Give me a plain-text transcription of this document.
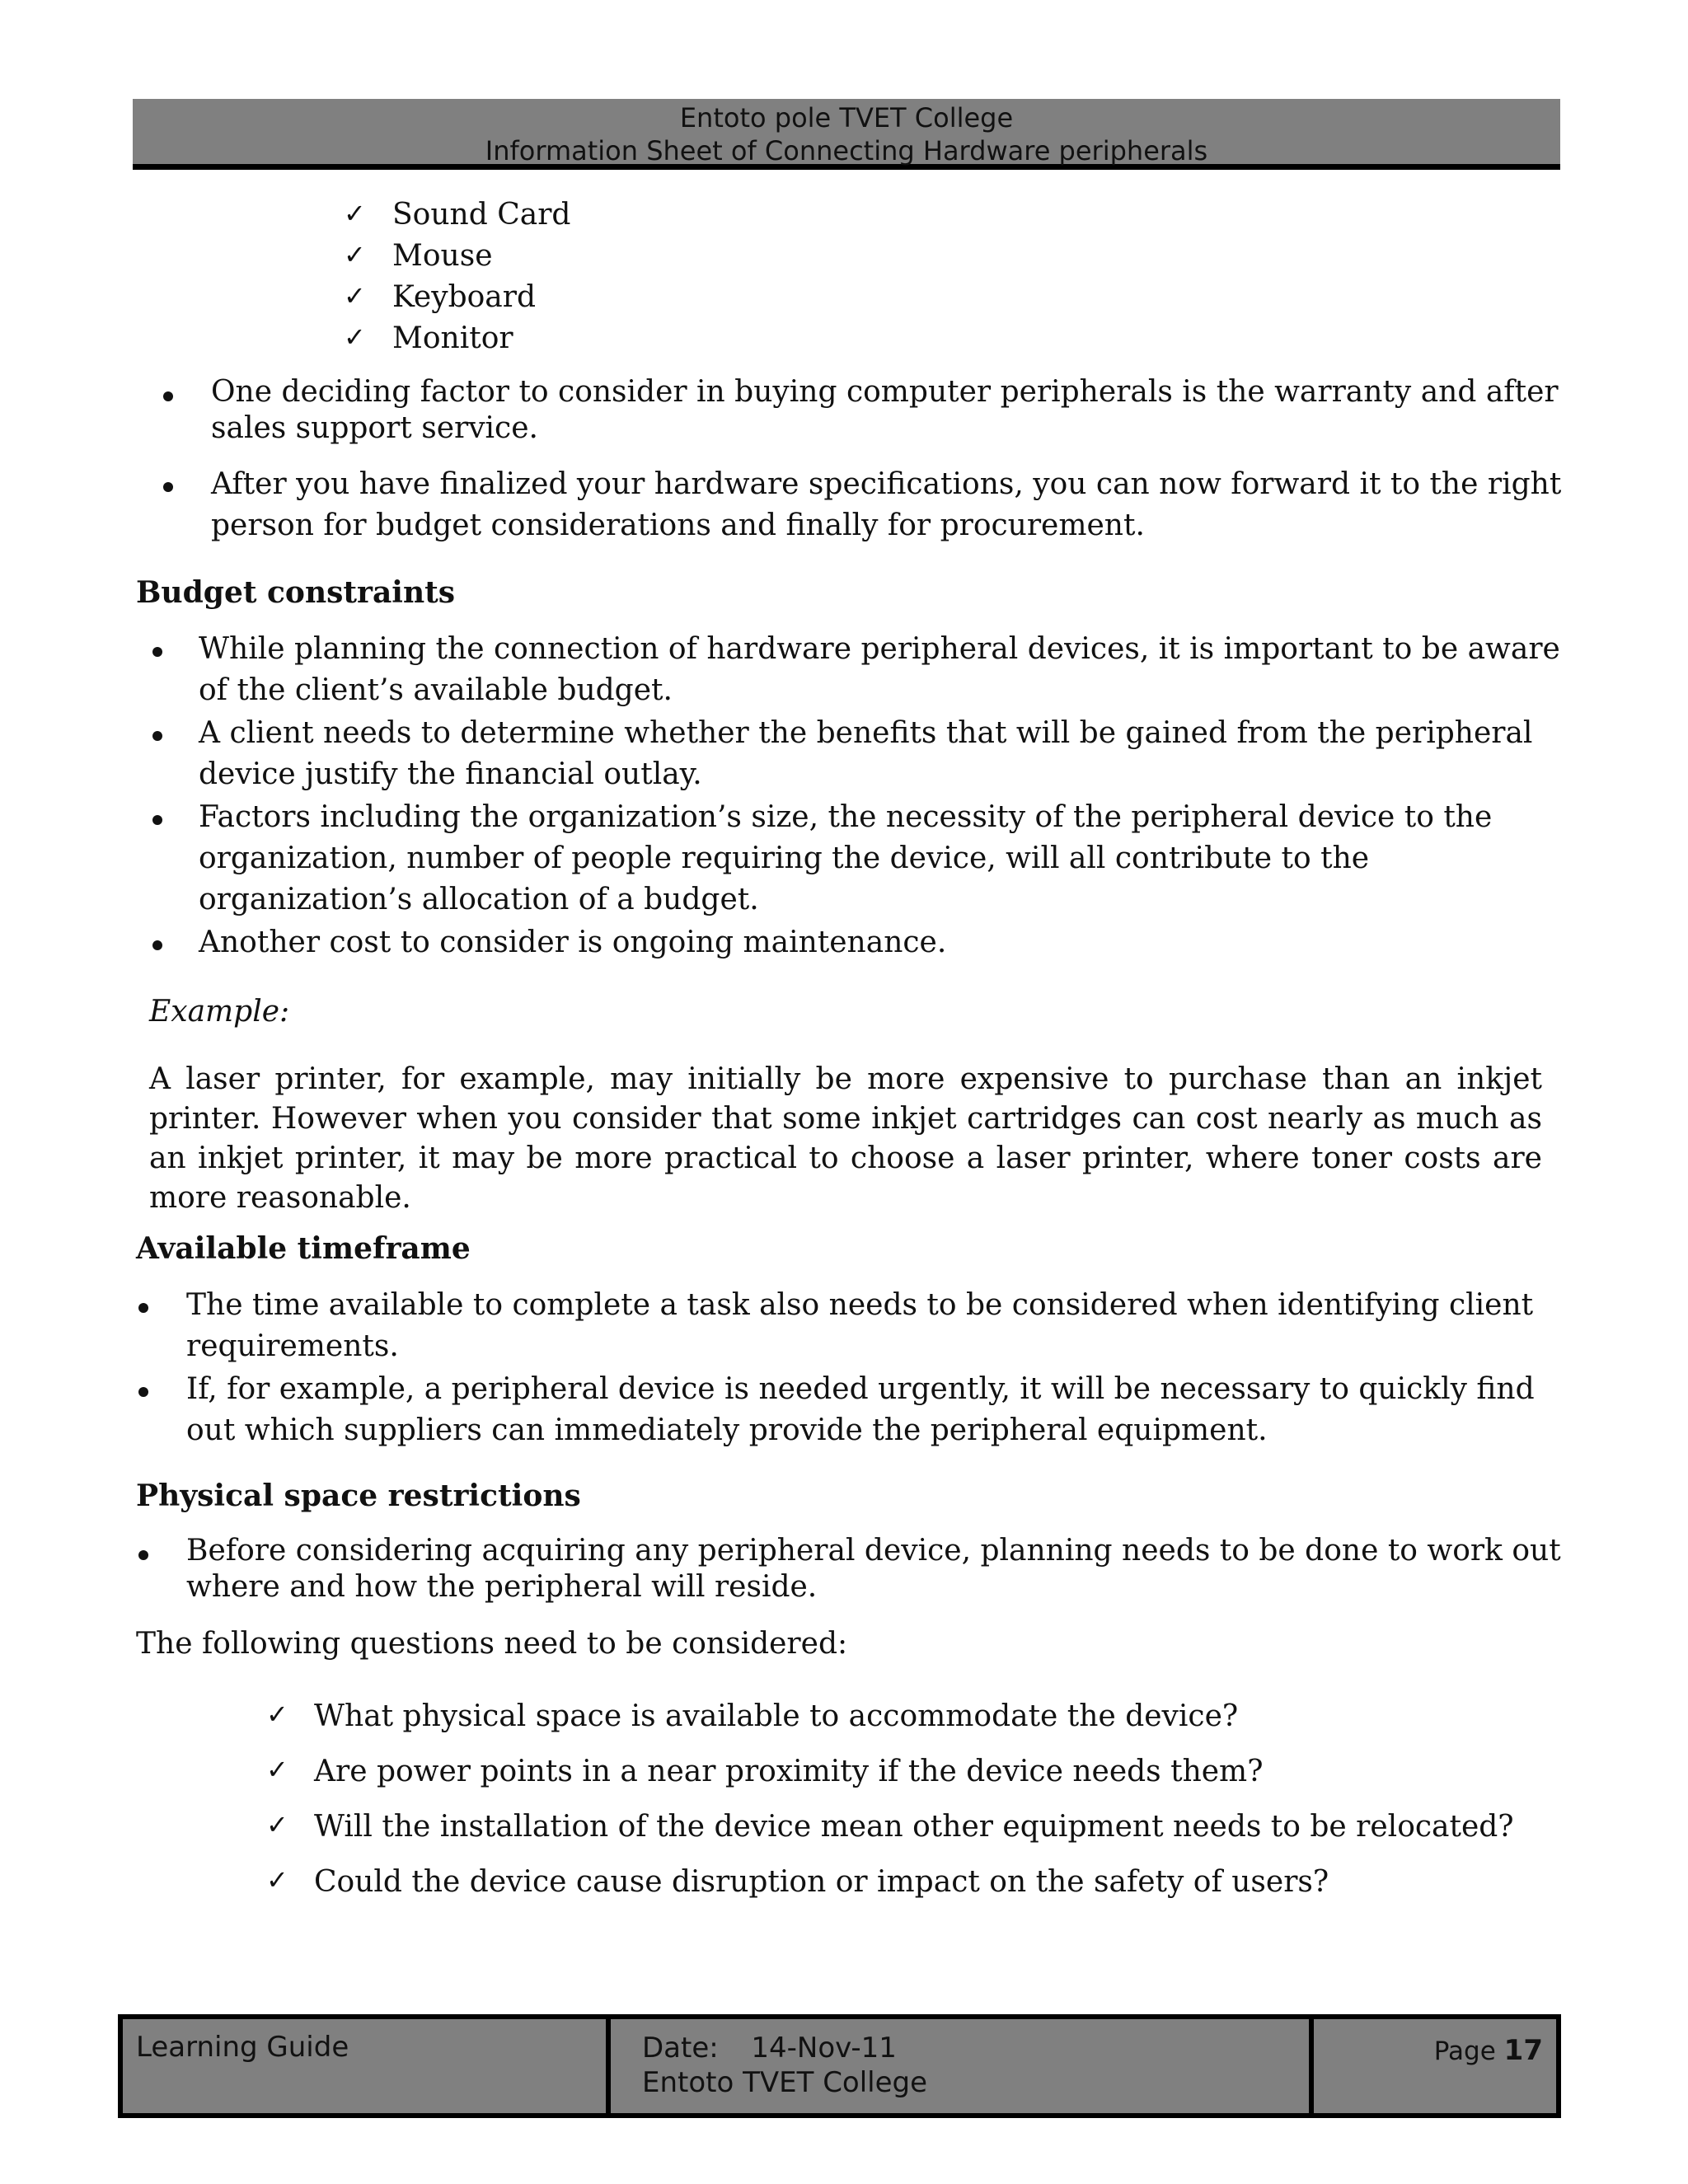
Entoto pole TVET College
Information Sheet of Connecting Hardware peripherals
✓ Sound Card
✓ Mouse
✓ Keyboard
✓ Monitor
One deciding factor to consider in buying computer peripherals is the warranty and after
sales support service.
After you have finalized your hardware specifications, you can now forward it to the right
person for budget considerations and finally for procurement.
Budget constraints
While planning the connection of hardware peripheral devices, it is important to be aware
of the client’s available budget.
A client needs to determine whether the benefits that will be gained from the peripheral
device justify the financial outlay.
Factors including the organization’s size, the necessity of the peripheral device to the
organization, number of people requiring the device, will all contribute to the
organization’s allocation of a budget.
Another cost to consider is ongoing maintenance.
Example:
A laser printer, for example, may initially be more expensive to purchase than an inkjet
printer. However when you consider that some inkjet cartridges can cost nearly as much as
an inkjet printer, it may be more practical to choose a laser printer, where toner costs are
more reasonable.
Available timeframe
The time available to complete a task also needs to be considered when identifying client
requirements.
If, for example, a peripheral device is needed urgently, it will be necessary to quickly find
out which suppliers can immediately provide the peripheral equipment.
Physical space restrictions
Before considering acquiring any peripheral device, planning needs to be done to work out
where and how the peripheral will reside.
The following questions need to be considered:
✓ What physical space is available to accommodate the device?
✓ Are power points in a near proximity if the device needs them?
✓ Will the installation of the device mean other equipment needs to be relocated?
✓ Could the device cause disruption or impact on the safety of users?
Learning Guide	Date: 14-Nov-11
Entoto TVET College
Page 17
